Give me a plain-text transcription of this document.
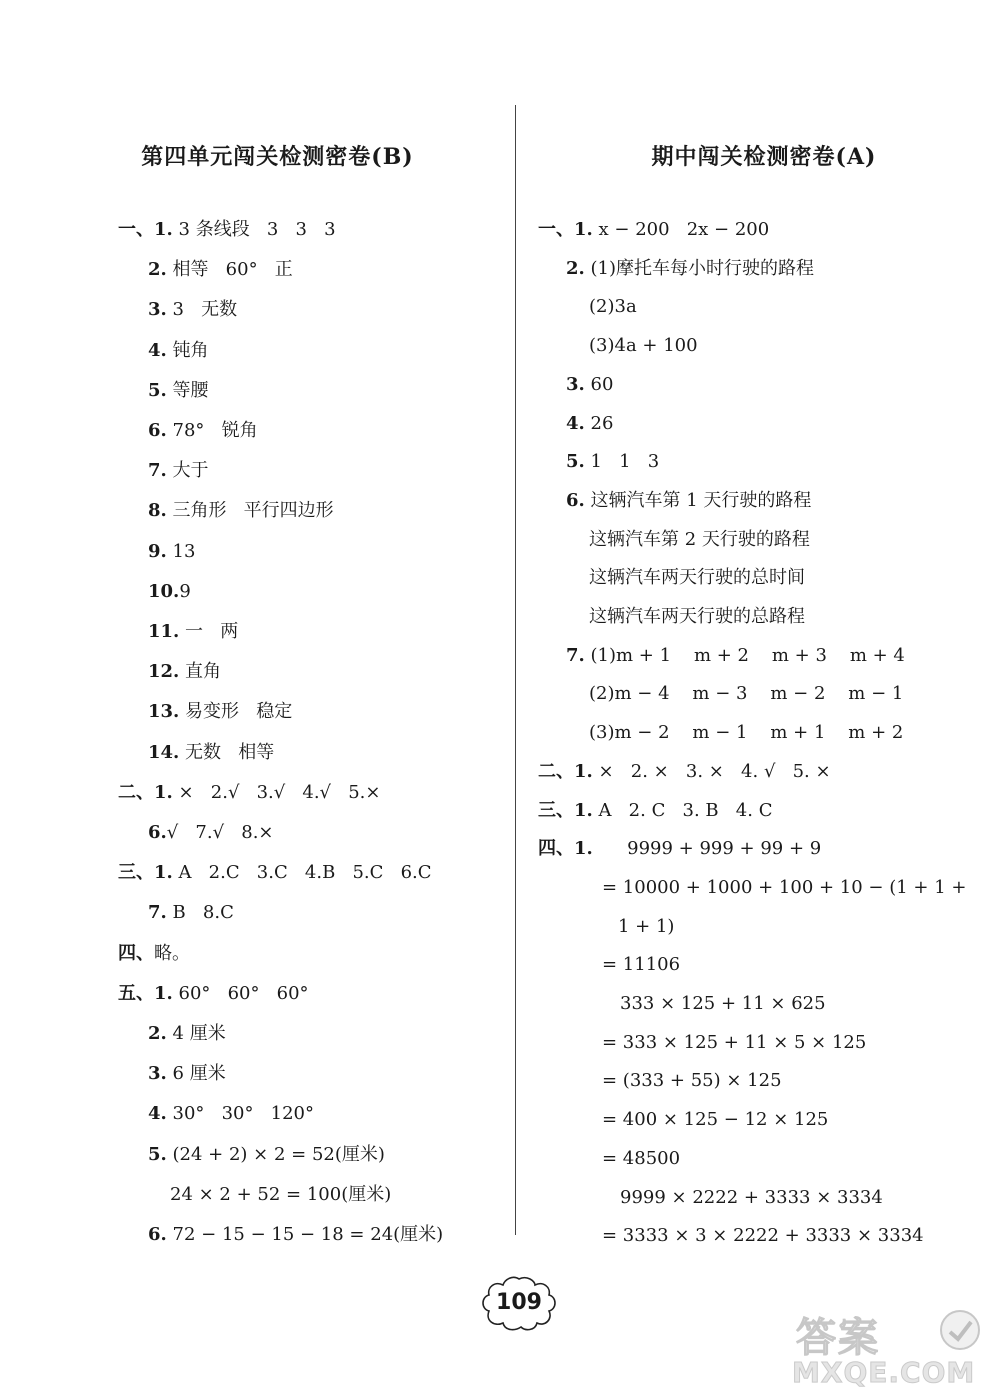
第四单元闯关检测密卷(B)
一、1. 3 条线段   3   3   3
2. 相等   60°   正
3. 3   无数
4. 钝角
5. 等腰
6. 78°   锐角
7. 大于
8. 三角形   平行四边形
9. 13
10.9
11. 一   两
12. 直角
13. 易变形   稳定
14. 无数   相等
二、1. ×   2.√   3.√   4.√   5.×
6.√   7.√   8.×
三、1. A   2.C   3.C   4.B   5.C   6.C
7. B   8.C
四、略。
五、1. 60°   60°   60°
2. 4 厘米
3. 6 厘米
4. 30°   30°   120°
5. (24 + 2) × 2 = 52(厘米)
24 × 2 + 52 = 100(厘米)
6. 72 − 15 − 15 − 18 = 24(厘米)
期中闯关检测密卷(A)
一、1. x − 200   2x − 200
2. (1)摩托车每小时行驶的路程
(2)3a
(3)4a + 100
3. 60
4. 26
5. 1   1   3
6. 这辆汽车第 1 天行驶的路程
这辆汽车第 2 天行驶的路程
这辆汽车两天行驶的总时间
这辆汽车两天行驶的总路程
7. (1)m + 1    m + 2    m + 3    m + 4
(2)m − 4    m − 3    m − 2    m − 1
(3)m − 2    m − 1    m + 1    m + 2
二、1. ×   2. ×   3. ×   4. √   5. ×
三、1. A   2. C   3. B   4. C
四、1.      9999 + 999 + 99 + 9
= 10000 + 1000 + 100 + 10 − (1 + 1 +
1 + 1)
= 11106
333 × 125 + 11 × 625
= 333 × 125 + 11 × 5 × 125
= (333 + 55) × 125
= 400 × 125 − 12 × 125
= 48500
9999 × 2222 + 3333 × 3334
= 3333 × 3 × 2222 + 3333 × 3334
109
答案
MXQE.COM
